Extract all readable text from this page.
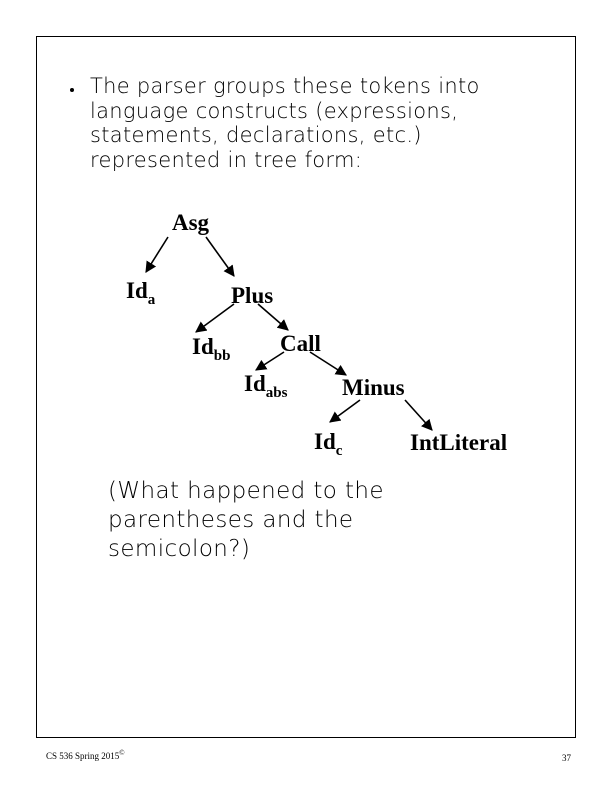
The parser groups these tokens into
language constructs (expressions,
statements, declarations, etc.)
represented in tree form:
Asg
$Id_a$	Plus
$Id_{bb}$ Call
$Id_{abs}$ Minus
$Id_c$	IntLiteral
(What happened to the
parentheses and the
semicolon?)
CS 536 Spring 2015©	37
